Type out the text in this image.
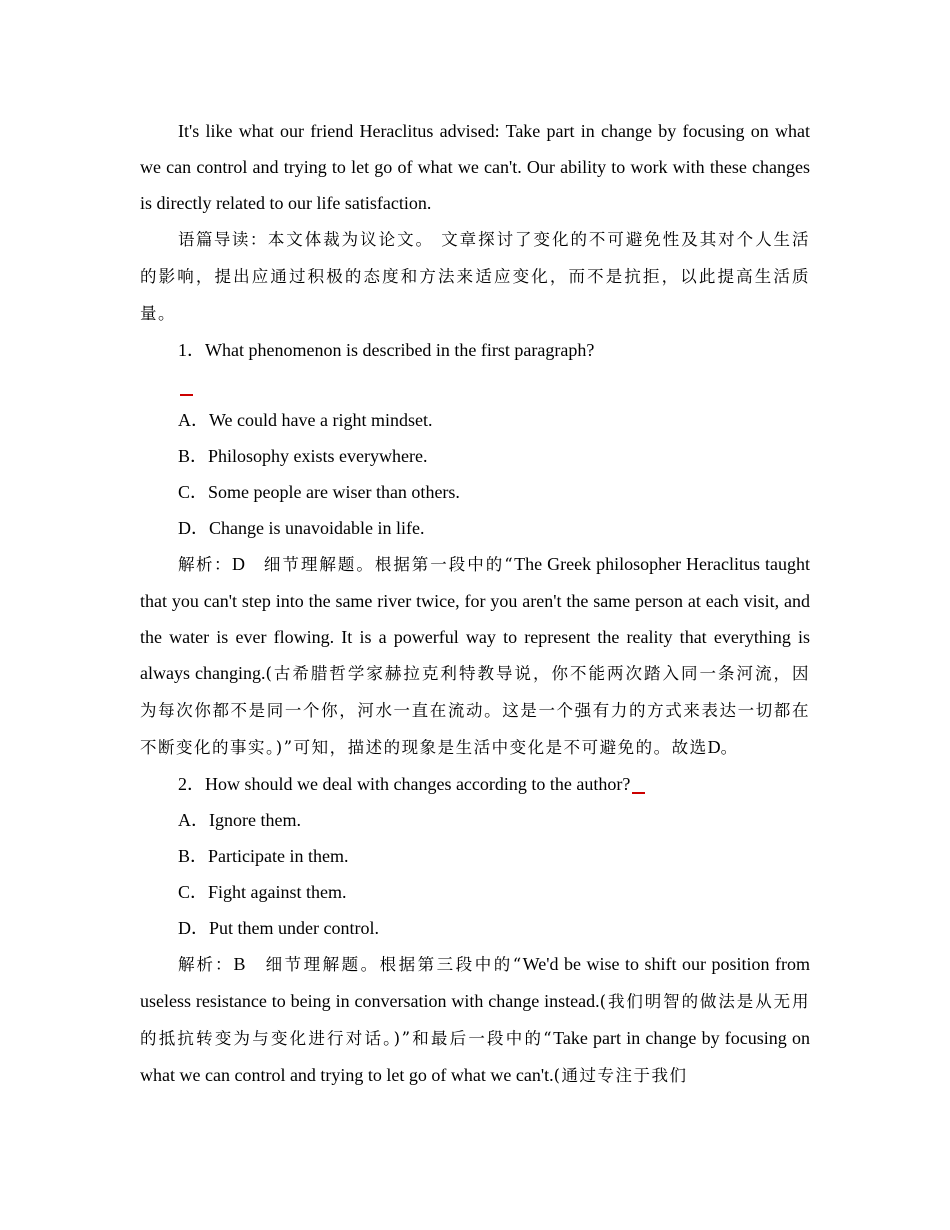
It's like what our friend Heraclitus advised: Take part in change by focusing on what we can control and trying to let go of what we can't. Our ability to work with these changes is directly related to our life satisfaction.

语篇导读：本文体裁为议论文。 文章探讨了变化的不可避免性及其对个人生活的影响，提出应通过积极的态度和方法来适应变化，而不是抗拒，以此提高生活质量。

1．What phenomenon is described in the first paragraph?

A．We could have a right mindset.

B．Philosophy exists everywhere.

C．Some people are wiser than others.

D．Change is unavoidable in life.

解析：D　细节理解题。根据第一段中的“The Greek philosopher Heraclitus taught that you can't step into the same river twice, for you aren't the same person at each visit, and the water is ever flowing. It is a powerful way to represent the reality that everything is always changing.(古希腊哲学家赫拉克利特教导说，你不能两次踏入同一条河流，因为每次你都不是同一个你，河水一直在流动。这是一个强有力的方式来表达一切都在不断变化的事实。)”可知，描述的现象是生活中变化是不可避免的。故选D。

2．How should we deal with changes according to the author?

A．Ignore them.

B．Participate in them.

C．Fight against them.

D．Put them under control.

解析：B　细节理解题。根据第三段中的“We'd be wise to shift our position from useless resistance to being in conversation with change instead.(我们明智的做法是从无用的抵抗转变为与变化进行对话。)”和最后一段中的“Take part in change by focusing on what we can control and trying to let go of what we can't.(通过专注于我们
